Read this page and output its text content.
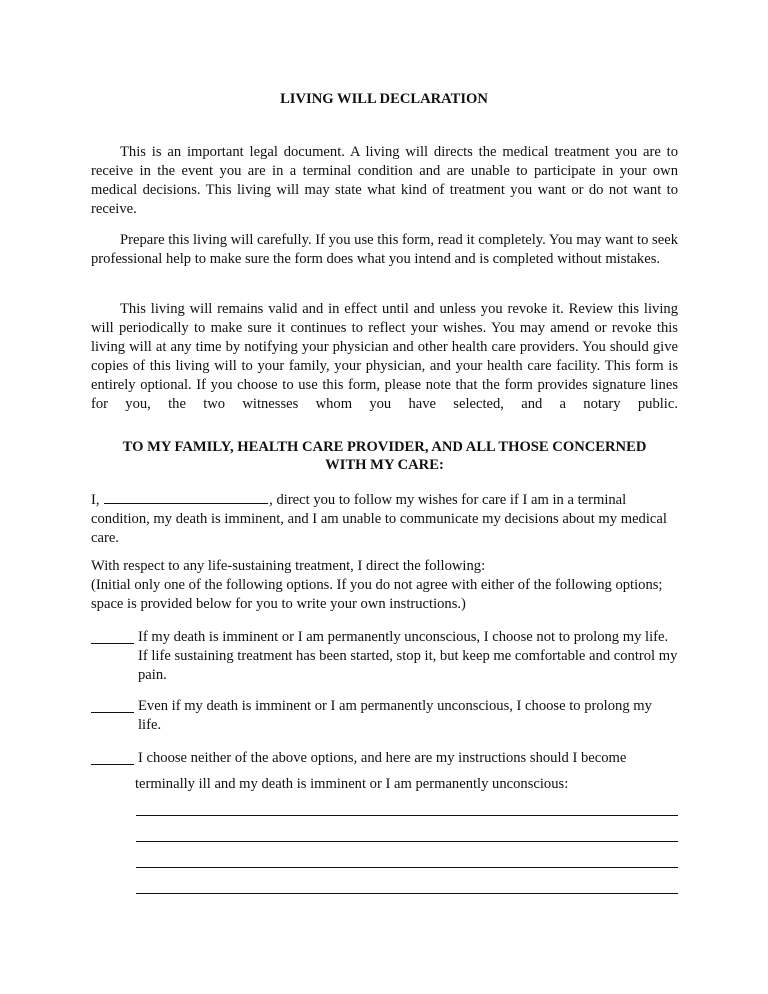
LIVING WILL DECLARATION

This is an important legal document. A living will directs the medical treatment you are to receive in the event you are in a terminal condition and are unable to participate in your own medical decisions. This living will may state what kind of treatment you want or do not want to receive.

Prepare this living will carefully. If you use this form, read it completely. You may want to seek professional help to make sure the form does what you intend and is completed without mistakes.

This living will remains valid and in effect until and unless you revoke it. Review this living will periodically to make sure it continues to reflect your wishes. You may amend or revoke this living will at any time by notifying your physician and other health care providers. You should give copies of this living will to your family, your physician, and your health care facility. This form is entirely optional. If you choose to use this form, please note that the form provides signature lines for you, the two witnesses whom you have selected, and a notary public.

TO MY FAMILY, HEALTH CARE PROVIDER, AND ALL THOSE CONCERNED
WITH MY CARE:

I,	, direct you to follow my wishes for care if I am in a terminal condition, my death is imminent, and I am unable to communicate my decisions about my medical care.

With respect to any life-sustaining treatment, I direct the following:
(Initial only one of the following options. If you do not agree with either of the following options; space is provided below for you to write your own instructions.)
If my death is imminent or I am permanently unconscious, I choose not to prolong my life. If life sustaining treatment has been started, stop it, but keep me comfortable and control my pain.
Even if my death is imminent or I am permanently unconscious, I choose to prolong my life.
I choose neither of the above options, and here are my instructions should I become
terminally ill and my death is imminent or I am permanently unconscious:
